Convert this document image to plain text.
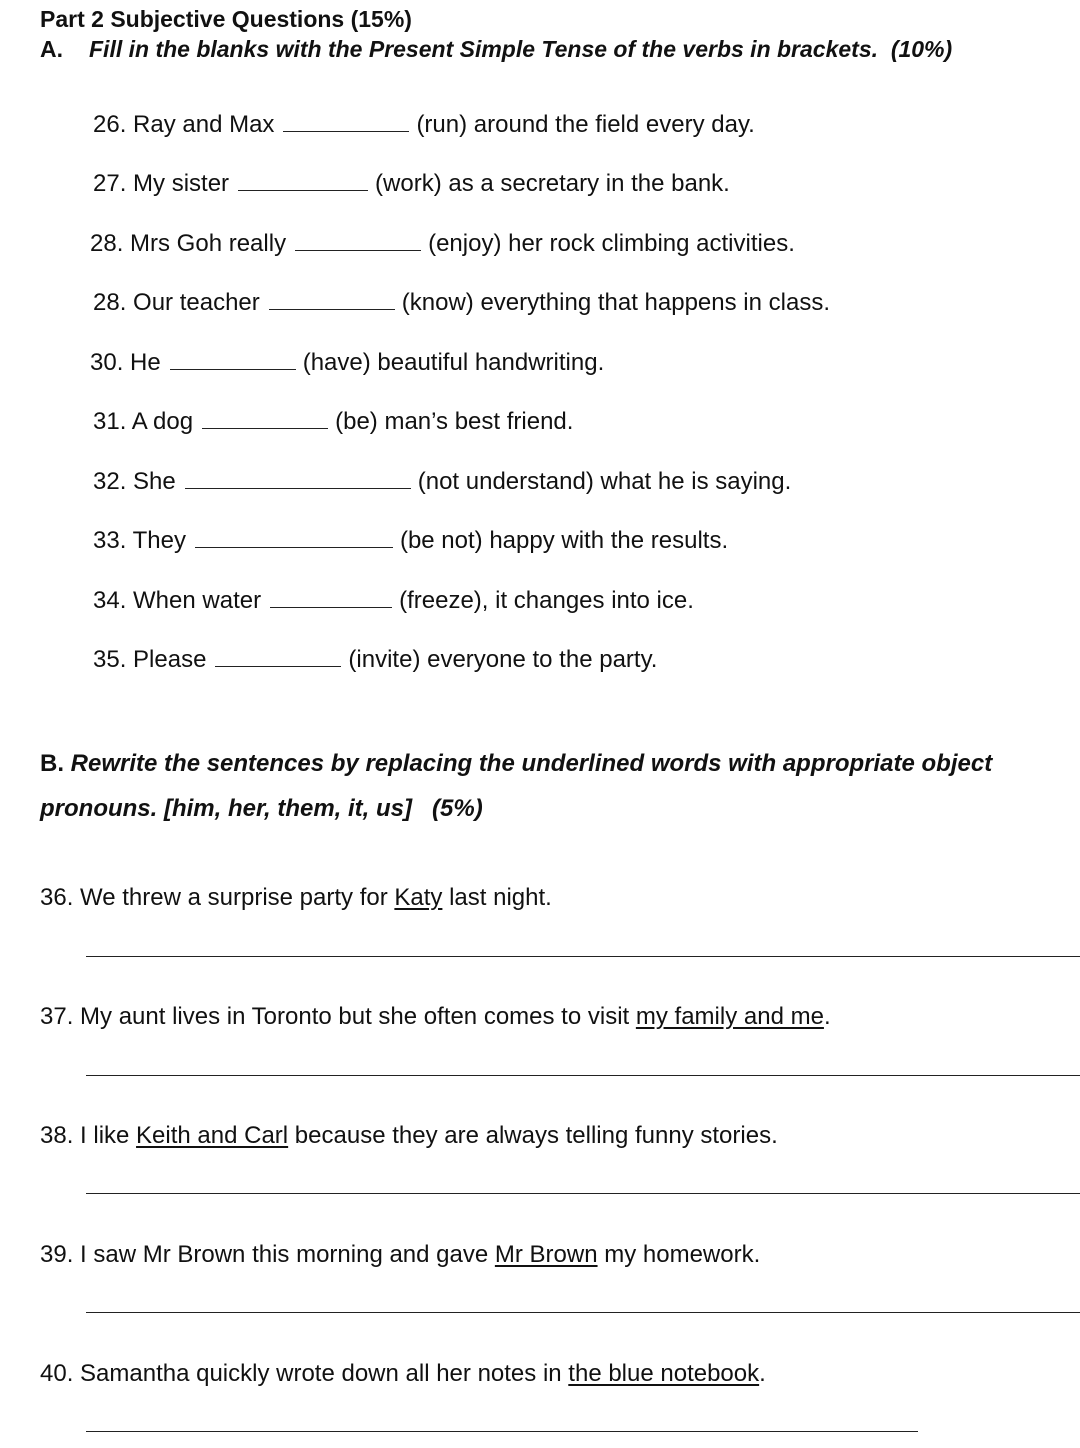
Part 2 Subjective Questions (15%)
A. Fill in the blanks with the Present Simple Tense of the verbs in brackets. (10%)
26. Ray and Max	(run) around the field every day.
27. My sister	(work) as a secretary in the bank.
28. Mrs Goh really	(enjoy) her rock climbing activities.
28. Our teacher	(know) everything that happens in class.
30. He	(have) beautiful handwriting.
31. A dog	(be) man’s best friend.
32. She	(not understand) what he is saying.
33. They	(be not) happy with the results.
34. When water	(freeze), it changes into ice.
35. Please	(invite) everyone to the party.
B. Rewrite the sentences by replacing the underlined words with appropriate object
pronouns. [him, her, them, it, us] (5%)
36. We threw a surprise party for Katy last night.
37. My aunt lives in Toronto but she often comes to visit my family and me.
38. I like Keith and Carl because they are always telling funny stories.
39. I saw Mr Brown this morning and gave Mr Brown my homework.
40. Samantha quickly wrote down all her notes in the blue notebook.
